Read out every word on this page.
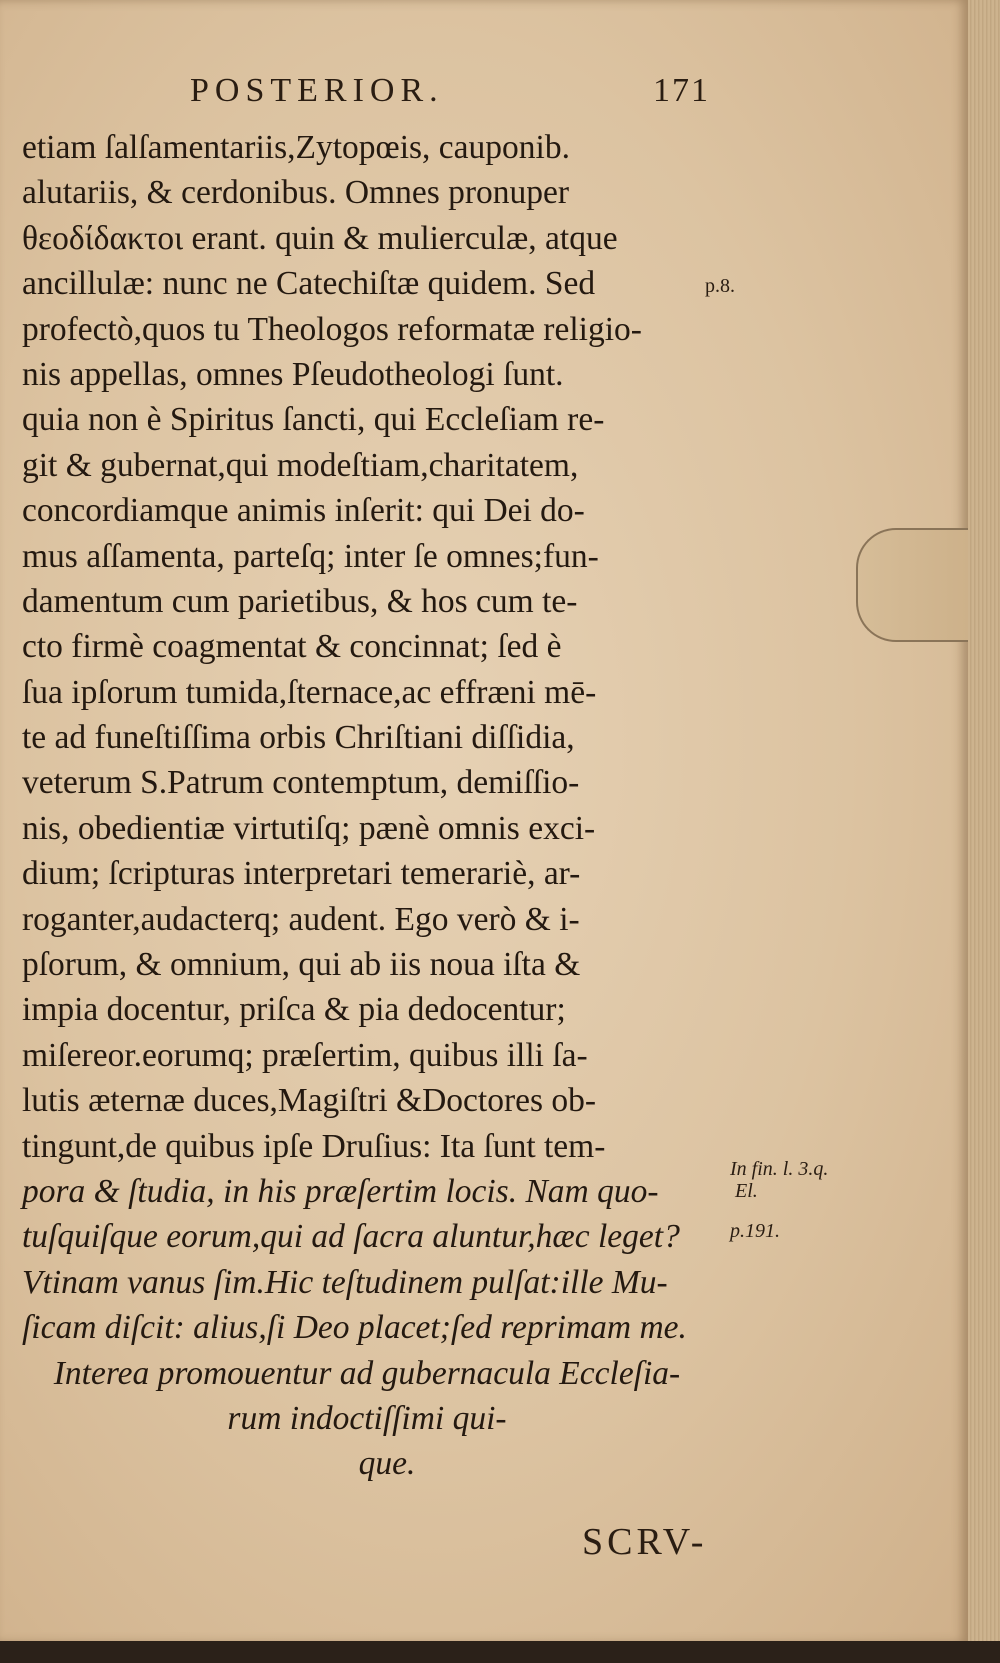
POSTERIOR.	171
etiam ſalſamentariis,Zytopœis, cauponib.
alutariis, & cerdonibus. Omnes pronuper
θεοδίδακτοι erant. quin & mulierculæ, atque
ancillulæ: nunc ne Catechiſtæ quidem. Sed
profectò,quos tu Theologos reformatæ religio-
nis appellas, omnes Pſeudotheologi ſunt.
quia non è Spiritus ſancti, qui Eccleſiam re-
git & gubernat,qui modeſtiam,charitatem,
concordiamque animis inſerit: qui Dei do-
mus aſſamenta, parteſq; inter ſe omnes;fun-
damentum cum parietibus, & hos cum te-
cto firmè coagmentat & concinnat; ſed è
ſua ipſorum tumida,ſternace,ac effræni mē-
te ad funeſtiſſima orbis Chriſtiani diſſidia,
veterum S.Patrum contemptum, demiſſio-
nis, obedientiæ virtutiſq; pænè omnis exci-
dium; ſcripturas interpretari temerariè, ar-
roganter,audacterq; audent. Ego verò & i-
pſorum, & omnium, qui ab iis noua iſta &
impia docentur, priſca & pia dedocentur;
miſereor.eorumq; præſertim, quibus illi ſa-
lutis æternæ duces,Magiſtri &Doctores ob-
tingunt,de quibus ipſe Druſius: Ita ſunt tem-
pora & ſtudia, in his præſertim locis. Nam quo-
tuſquiſque eorum,qui ad ſacra aluntur,hæc leget?
Vtinam vanus ſim.Hic teſtudinem pulſat:ille Mu-
ſicam diſcit: alius,ſi Deo placet;ſed reprimam me.
Interea promouentur ad gubernacula Eccleſia-
rum indoctiſſimi qui-
que.
p.8.
In fin. l. 3.q.
El.
p.191.
SCRV-
